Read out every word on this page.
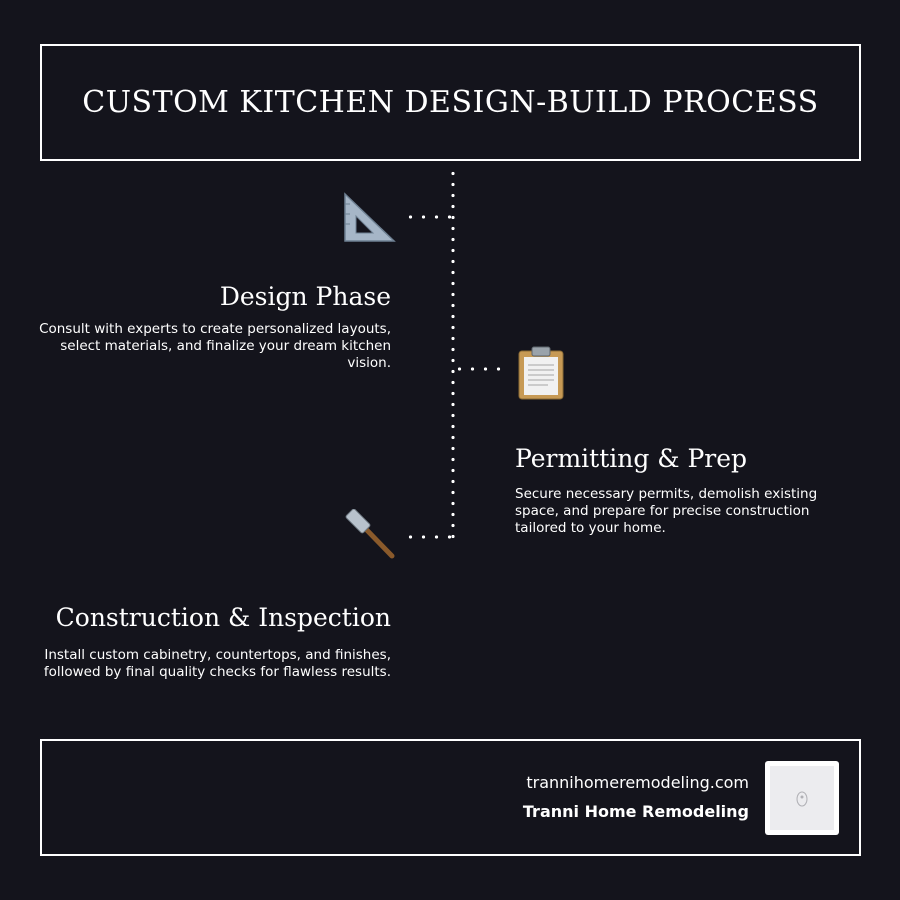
CUSTOM KITCHEN DESIGN-BUILD PROCESS
Design Phase

Consult with experts to create personalized layouts, select materials, and finalize your dream kitchen vision.

Permitting & Prep

Secure necessary permits, demolish existing space, and prepare for precise construction tailored to your home.

Construction & Inspection

Install custom cabinetry, countertops, and finishes, followed by final quality checks for flawless results.

trannihomeremodeling.com
Tranni Home Remodeling
